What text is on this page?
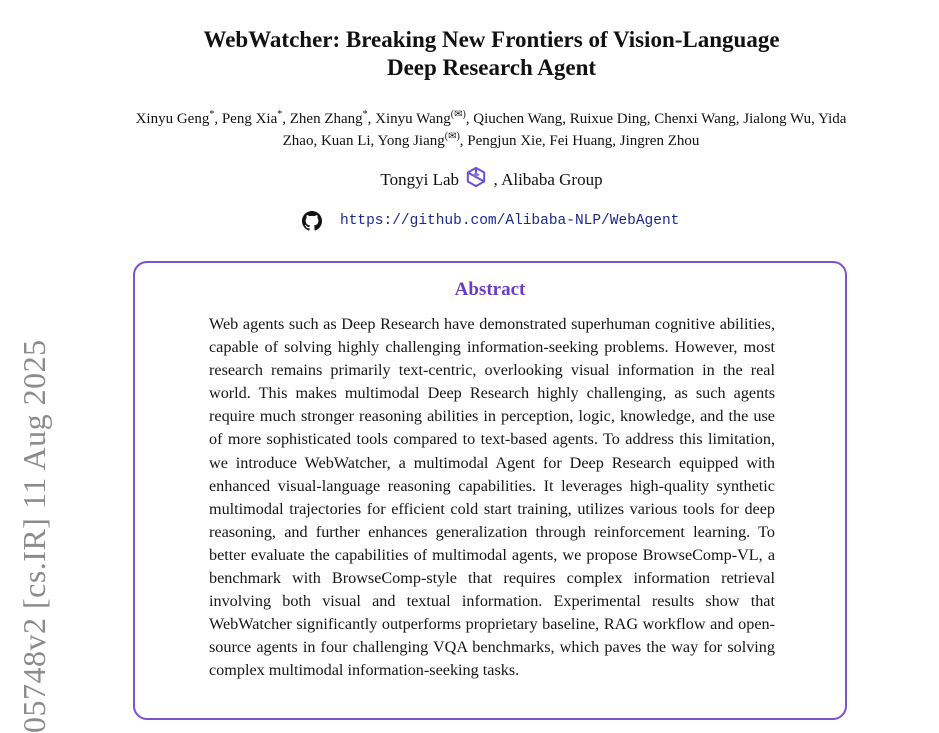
WebWatcher: Breaking New Frontiers of Vision-Language
Deep Research Agent
Xinyu Geng*, Peng Xia*, Zhen Zhang*, Xinyu Wang(✉), Qiuchen Wang, Ruixue Ding, Chenxi Wang, Jialong Wu, Yida Zhao, Kuan Li, Yong Jiang(✉), Pengjun Xie, Fei Huang, Jingren Zhou
Tongyi Lab , Alibaba Group
https://github.com/Alibaba-NLP/WebAgent
Abstract

Web agents such as Deep Research have demonstrated superhuman cognitive abilities, capable of solving highly challenging information-seeking problems. However, most research remains primarily text-centric, overlooking visual information in the real world. This makes multimodal Deep Research highly challenging, as such agents require much stronger reasoning abilities in perception, logic, knowledge, and the use of more sophisticated tools compared to text-based agents. To address this limitation, we introduce WebWatcher, a multimodal Agent for Deep Research equipped with enhanced visual-language reasoning capabilities. It leverages high-quality synthetic multimodal trajectories for efficient cold start training, utilizes various tools for deep reasoning, and further enhances generalization through reinforcement learning. To better evaluate the capabilities of multimodal agents, we propose BrowseComp-VL, a benchmark with BrowseComp-style that requires complex information retrieval involving both visual and textual information. Experimental results show that WebWatcher significantly outperforms proprietary baseline, RAG workflow and open-source agents in four challenging VQA benchmarks, which paves the way for solving complex multimodal information-seeking tasks.

05748v2 [cs.IR] 11 Aug 2025
